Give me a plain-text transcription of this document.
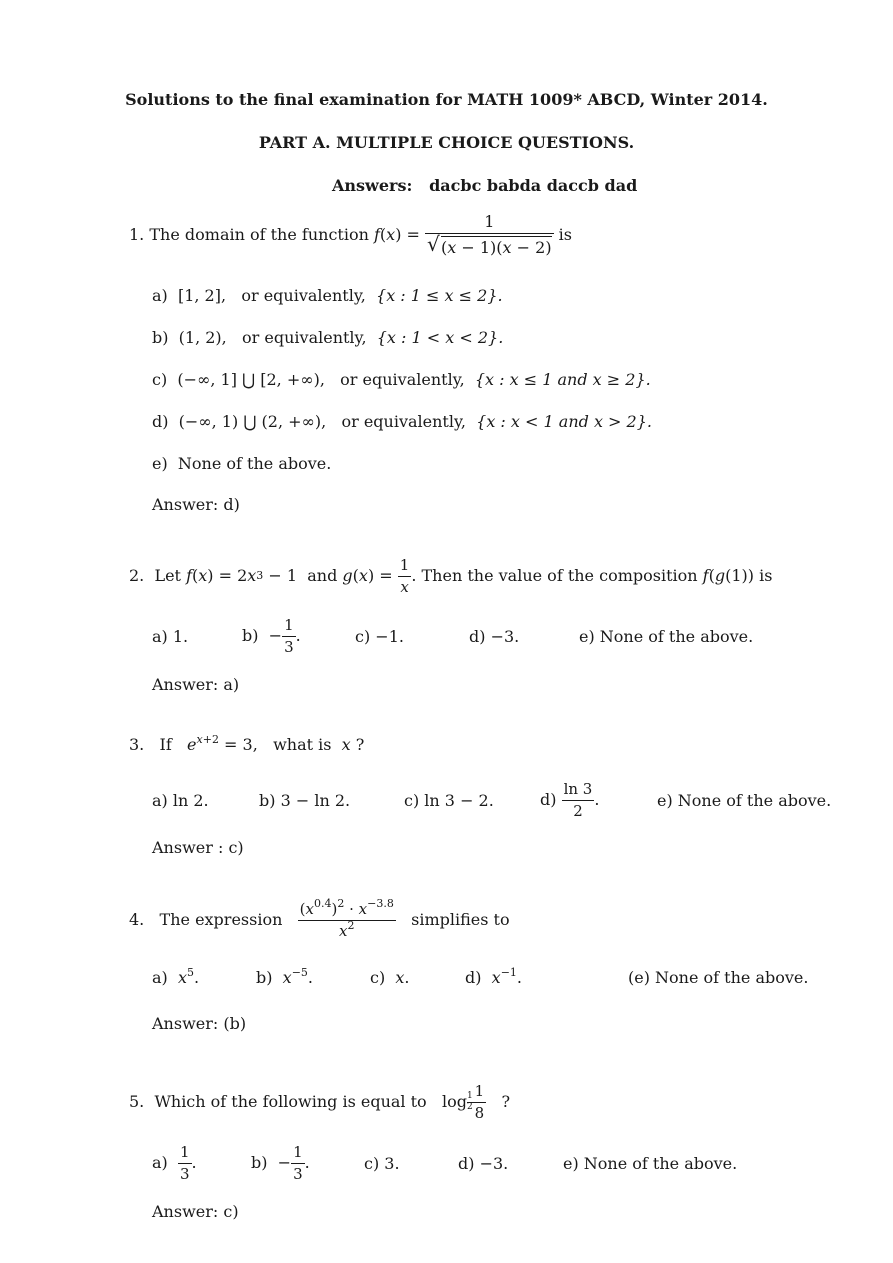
Solutions to the final examination for MATH 1009* ABCD, Winter 2014.
PART A. MULTIPLE CHOICE QUESTIONS.
Answers: dacbc babda daccb dad
1.
The domain of the function
f ( x ) = $\frac{1}{√ (x - 1)(x - 2)}$
is
a) [1, 2], or equivalently, {x : 1 ≤ x ≤ 2}.
b) (1, 2), or equivalently, {x : 1 < x < 2}.
c) (−∞, 1] ⋃ [2, +∞), or equivalently, {x : x ≤ 1 and x ≥ 2}.
d) (−∞, 1) ⋃ (2, +∞), or equivalently, {x : x < 1 and x > 2}.
e) None of the above.
Answer: d)
2.
Let
f ( x ) = 2 x 3 − 1 and
g ( x ) = $\frac{1}{x}$ . Then the value of the composition
f ( g (1)) is
a) 1.	$b) - \frac{1}{3}$ .	c) −1.	d) −3.	e) None of the above.
Answer: a)
3. If $e^{x+2} = 3$,   what is x ?
a) ln 2.	b) 3 − ln 2.	c) ln 3 − 2.	d)
$\frac{\ln 3}{2}$ .	e) None of the above.
Answer : c)
4.
The expression
$\frac{(x^{0.4})^2 \cdot x^{-3.8}}{x^2}$
simplifies to
a) $x^5$.	b) $x^{-5}$.	c) x.	d) $x^{-1}$.	(e) None of the above.
Answer: (b)
5.
Which of the following is equal to $\log \frac{1}{2} \frac{1}{8}$
?
a)
$\frac{1}{3}$ .	$b) - \frac{1}{3}$ .	c) 3.	d) −3.	e) None of the above.
Answer: c)
